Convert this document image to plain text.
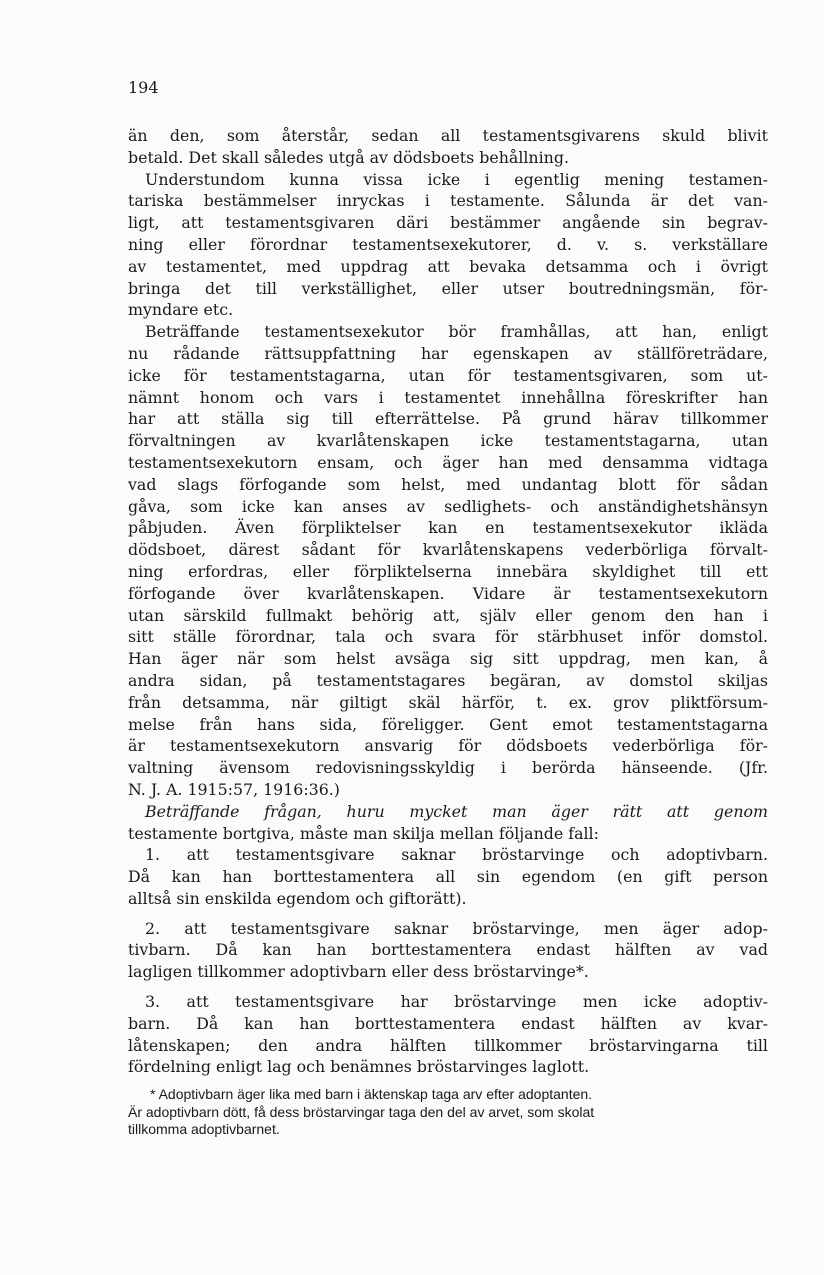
194
än den, som återstår, sedan all testamentsgivarens skuld blivit
betald. Det skall således utgå av dödsboets behållning.
Understundom kunna vissa icke i egentlig mening testamen-
tariska bestämmelser inryckas i testamente. Sålunda är det van-
ligt, att testamentsgivaren däri bestämmer angående sin begrav-
ning eller förordnar testamentsexekutorer, d. v. s. verkställare
av testamentet, med uppdrag att bevaka detsamma och i övrigt
bringa det till verkställighet, eller utser boutredningsmän, för-
myndare etc.
Beträffande testamentsexekutor bör framhållas, att han, enligt
nu rådande rättsuppfattning har egenskapen av ställföreträdare,
icke för testamentstagarna, utan för testamentsgivaren, som ut-
nämnt honom och vars i testamentet innehållna föreskrifter han
har att ställa sig till efterrättelse. På grund härav tillkommer
förvaltningen av kvarlåtenskapen icke testamentstagarna, utan
testamentsexekutorn ensam, och äger han med densamma vidtaga
vad slags förfogande som helst, med undantag blott för sådan
gåva, som icke kan anses av sedlighets- och anständighetshänsyn
påbjuden. Även förpliktelser kan en testamentsexekutor ikläda
dödsboet, därest sådant för kvarlåtenskapens vederbörliga förvalt-
ning erfordras, eller förpliktelserna innebära skyldighet till ett
förfogande över kvarlåtenskapen. Vidare är testamentsexekutorn
utan särskild fullmakt behörig att, själv eller genom den han i
sitt ställe förordnar, tala och svara för stärbhuset inför domstol.
Han äger när som helst avsäga sig sitt uppdrag, men kan, å
andra sidan, på testamentstagares begäran, av domstol skiljas
från detsamma, när giltigt skäl härför, t. ex. grov pliktförsum-
melse från hans sida, föreligger. Gent emot testamentstagarna
är testamentsexekutorn ansvarig för dödsboets vederbörliga för-
valtning ävensom redovisningsskyldig i berörda hänseende. (Jfr.
N. J. A. 1915:57, 1916:36.)
Beträffande frågan, huru mycket man äger rätt att genom
testamente bortgiva, måste man skilja mellan följande fall:
1. att testamentsgivare saknar bröstarvinge och adoptivbarn.
Då kan han borttestamentera all sin egendom (en gift person
alltså sin enskilda egendom och giftorätt).
2. att testamentsgivare saknar bröstarvinge, men äger adop-
tivbarn. Då kan han borttestamentera endast hälften av vad
lagligen tillkommer adoptivbarn eller dess bröstarvinge*.
3. att testamentsgivare har bröstarvinge men icke adoptiv-
barn. Då kan han borttestamentera endast hälften av kvar-
låtenskapen; den andra hälften tillkommer bröstarvingarna till
fördelning enligt lag och benämnes bröstarvinges laglott.
* Adoptivbarn äger lika med barn i äktenskap taga arv efter adoptanten.
Är adoptivbarn dött, få dess bröstarvingar taga den del av arvet, som skolat
tillkomma adoptivbarnet.
